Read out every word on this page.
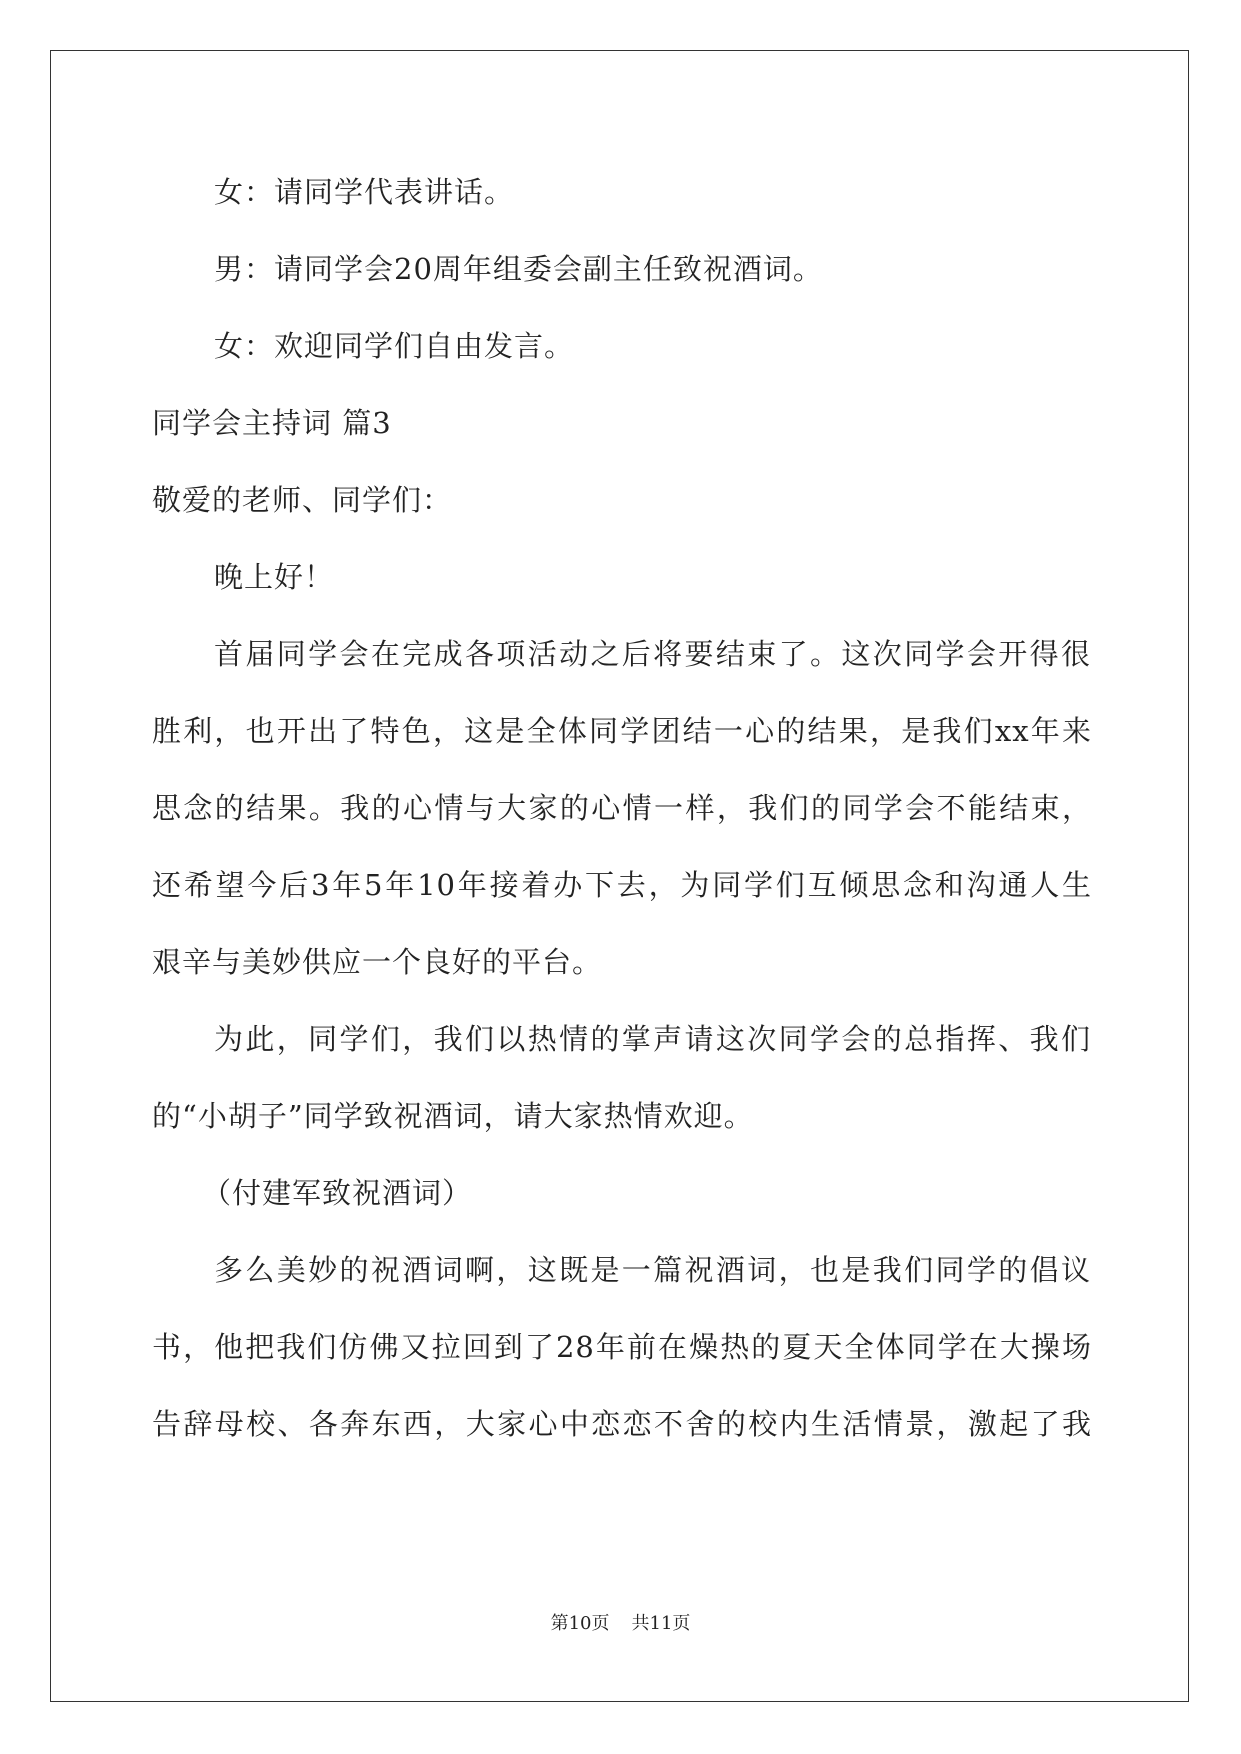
女：请同学代表讲话。
男：请同学会20周年组委会副主任致祝酒词。
女：欢迎同学们自由发言。
同学会主持词 篇3
敬爱的老师、同学们：
晚上好！
首届同学会在完成各项活动之后将要结束了。这次同学会开得很
胜利，也开出了特色，这是全体同学团结一心的结果，是我们xx年来
思念的结果。我的心情与大家的心情一样，我们的同学会不能结束，
还希望今后3年5年10年接着办下去，为同学们互倾思念和沟通人生
艰辛与美妙供应一个良好的平台。
为此，同学们，我们以热情的掌声请这次同学会的总指挥、我们
的“小胡子”同学致祝酒词，请大家热情欢迎。
（付建军致祝酒词）
多么美妙的祝酒词啊，这既是一篇祝酒词，也是我们同学的倡议
书，他把我们仿佛又拉回到了28年前在燥热的夏天全体同学在大操场
告辞母校、各奔东西，大家心中恋恋不舍的校内生活情景，激起了我
第10页 共11页
